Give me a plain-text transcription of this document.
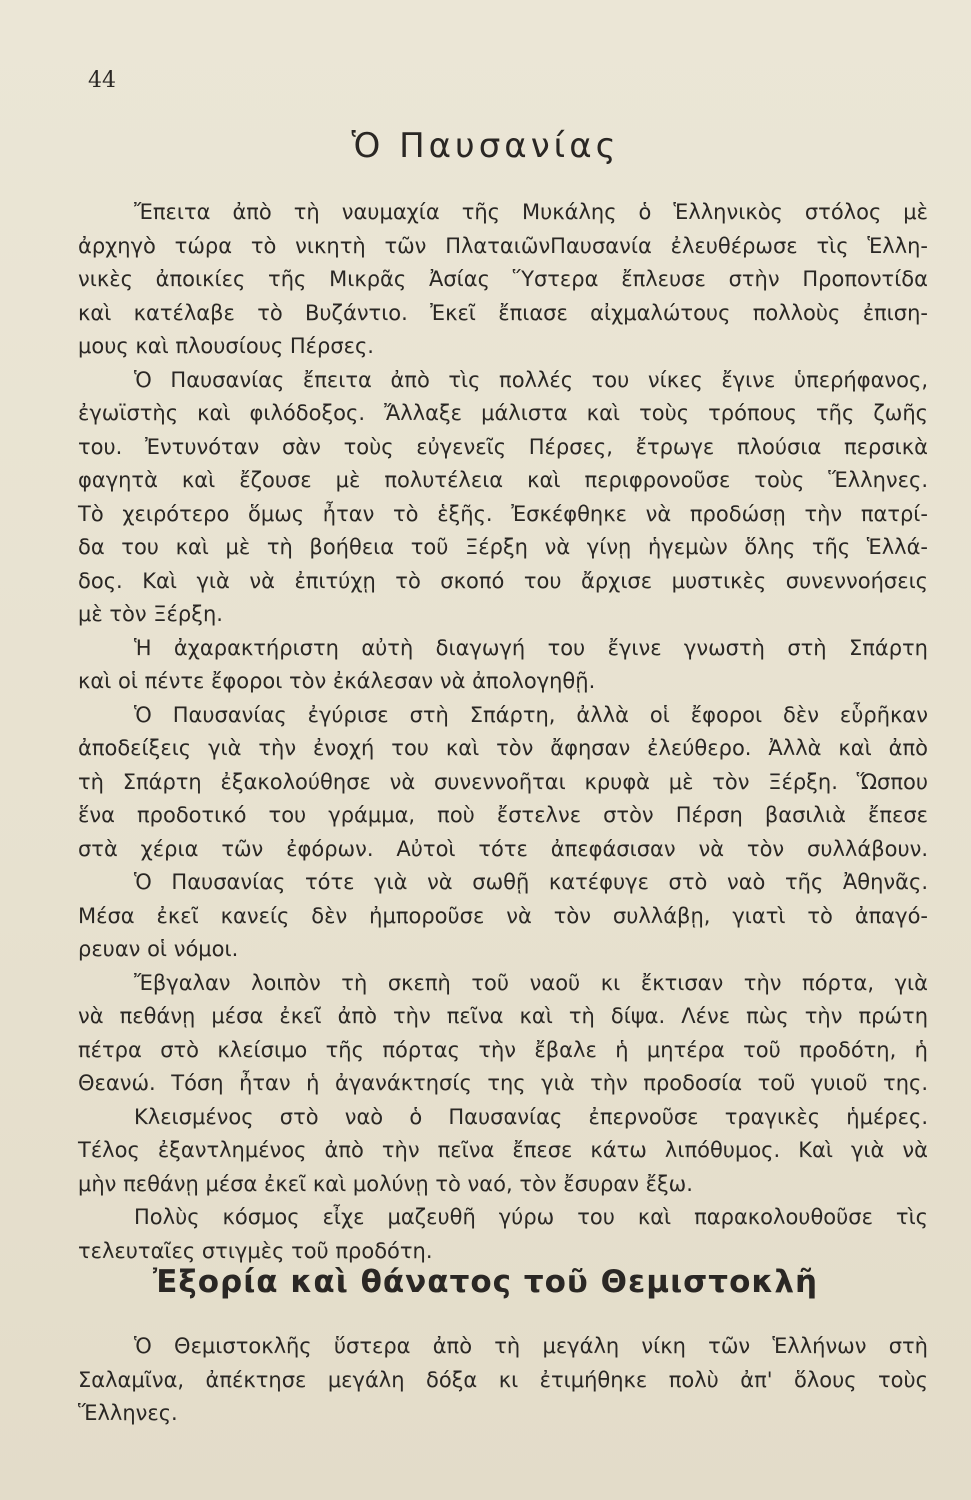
44
Ὁ Παυσανίας
Ἔπειτα ἀπὸ τὴ ναυμαχία τῆς Μυκάλης ὁ Ἑλληνικὸς στόλος μὲ
ἀρχηγὸ τώρα τὸ νικητὴ τῶν ΠλαταιῶνΠαυσανία ἐλευθέρωσε τὶς Ἑλλη-
νικὲς ἀποικίες τῆς Μικρᾶς Ἀσίας Ὕστερα ἔπλευσε στὴν Προποντίδα
καὶ κατέλαβε τὸ Βυζάντιο. Ἐκεῖ ἔπιασε αἰχμαλώτους πολλοὺς ἐπιση-
μους καὶ πλουσίους Πέρσες.
Ὁ Παυσανίας ἔπειτα ἀπὸ τὶς πολλές του νίκες ἔγινε ὑπερήφανος,
ἐγωϊστὴς καὶ φιλόδοξος. Ἄλλαξε μάλιστα καὶ τοὺς τρόπους τῆς ζωῆς
του. Ἐντυνόταν σὰν τοὺς εὐγενεῖς Πέρσες, ἔτρωγε πλούσια περσικὰ
φαγητὰ καὶ ἔζουσε μὲ πολυτέλεια καὶ περιφρονοῦσε τοὺς Ἕλληνες.
Τὸ χειρότερο ὅμως ἦταν τὸ ἑξῆς. Ἐσκέφθηκε νὰ προδώσῃ τὴν πατρί-
δα του καὶ μὲ τὴ βοήθεια τοῦ Ξέρξη νὰ γίνῃ ἡγεμὼν ὅλης τῆς Ἑλλά-
δος. Καὶ γιὰ νὰ ἐπιτύχῃ τὸ σκοπό του ἄρχισε μυστικὲς συνεννοήσεις
μὲ τὸν Ξέρξη.
Ἡ ἀχαρακτήριστη αὐτὴ διαγωγή του ἔγινε γνωστὴ στὴ Σπάρτη
καὶ οἱ πέντε ἔφοροι τὸν ἐκάλεσαν νὰ ἀπολογηθῇ.
Ὁ Παυσανίας ἐγύρισε στὴ Σπάρτη, ἀλλὰ οἱ ἔφοροι δὲν εὗρῆκαν
ἀποδείξεις γιὰ τὴν ἐνοχή του καὶ τὸν ἄφησαν ἐλεύθερο. Ἀλλὰ καὶ ἀπὸ
τὴ Σπάρτη ἐξακολούθησε νὰ συνεννοῆται κρυφὰ μὲ τὸν Ξέρξη. Ὥσπου
ἕνα προδοτικό του γράμμα, ποὺ ἔστελνε στὸν Πέρση βασιλιὰ ἔπεσε
στὰ χέρια τῶν ἐφόρων. Αὐτοὶ τότε ἀπεφάσισαν νὰ τὸν συλλάβουν.
Ὁ Παυσανίας τότε γιὰ νὰ σωθῇ κατέφυγε στὸ ναὸ τῆς Ἀθηνᾶς.
Μέσα ἐκεῖ κανείς δὲν ἠμποροῦσε νὰ τὸν συλλάβῃ, γιατὶ τὸ ἀπαγό-
ρευαν οἱ νόμοι.
Ἔβγαλαν λοιπὸν τὴ σκεπὴ τοῦ ναοῦ κι ἔκτισαν τὴν πόρτα, γιὰ
νὰ πεθάνῃ μέσα ἐκεῖ ἀπὸ τὴν πεῖνα καὶ τὴ δίψα. Λένε πὼς τὴν πρώτη
πέτρα στὸ κλείσιμο τῆς πόρτας τὴν ἔβαλε ἡ μητέρα τοῦ προδότη, ἡ
Θεανώ. Τόση ἦταν ἡ ἀγανάκτησίς της γιὰ τὴν προδοσία τοῦ γυιοῦ της.
Κλεισμένος στὸ ναὸ ὁ Παυσανίας ἐπερνοῦσε τραγικὲς ἡμέρες.
Τέλος ἐξαντλημένος ἀπὸ τὴν πεῖνα ἔπεσε κάτω λιπόθυμος. Καὶ γιὰ νὰ
μὴν πεθάνῃ μέσα ἐκεῖ καὶ μολύνῃ τὸ ναό, τὸν ἔσυραν ἔξω.
Πολὺς κόσμος εἶχε μαζευθῆ γύρω του καὶ παρακολουθοῦσε τὶς
τελευταῖες στιγμὲς τοῦ προδότη.
Ἐξορία καὶ θάνατος τοῦ Θεμιστοκλῆ
Ὁ Θεμιστοκλῆς ὕστερα ἀπὸ τὴ μεγάλη νίκη τῶν Ἑλλήνων στὴ
Σαλαμῖνα, ἀπέκτησε μεγάλη δόξα κι ἐτιμήθηκε πολὺ ἀπ' ὅλους τοὺς
Ἕλληνες.
